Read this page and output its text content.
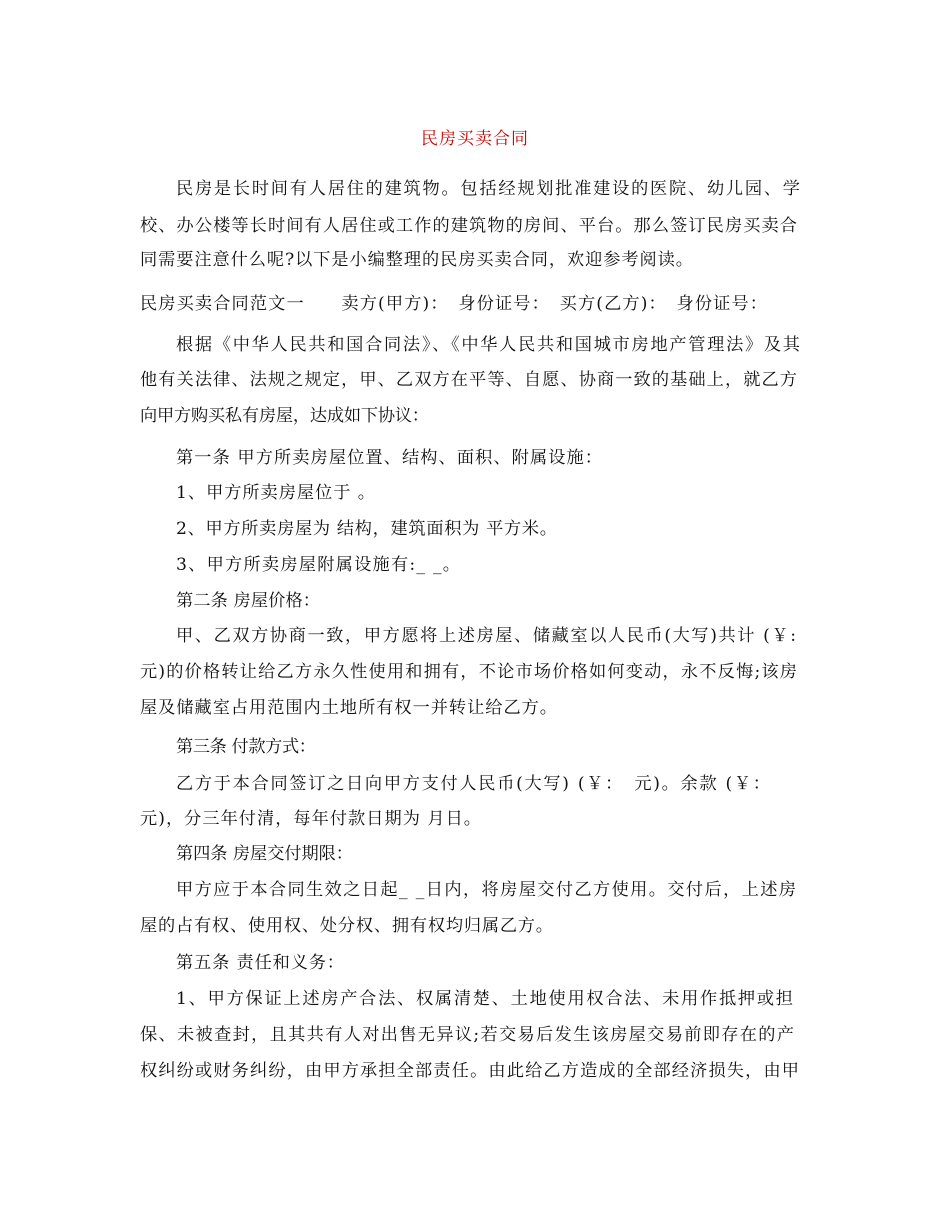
民房买卖合同
民房是长时间有人居住的建筑物。包括经规划批准建设的医院、幼儿园、学
校、办公楼等长时间有人居住或工作的建筑物的房间、平台。那么签订民房买卖合
同需要注意什么呢?以下是小编整理的民房买卖合同，欢迎参考阅读。
民房买卖合同范文一　　卖方(甲方)：　身份证号：　买方(乙方)：　身份证号：
根据《中华人民共和国合同法》、《中华人民共和国城市房地产管理法》及其
他有关法律、法规之规定，甲、乙双方在平等、自愿、协商一致的基础上，就乙方
向甲方购买私有房屋，达成如下协议：
第一条 甲方所卖房屋位置、结构、面积、附属设施：
1、甲方所卖房屋位于 。
2、甲方所卖房屋为 结构，建筑面积为 平方米。
3、甲方所卖房屋附属设施有:_ _。
第二条 房屋价格：
甲、乙双方协商一致，甲方愿将上述房屋、储藏室以人民币(大写)共计 (￥:
元)的价格转让给乙方永久性使用和拥有，不论市场价格如何变动，永不反悔;该房
屋及储藏室占用范围内土地所有权一并转让给乙方。
第三条 付款方式：
乙方于本合同签订之日向甲方支付人民币(大写) (￥：　元)。余款 (￥：
元)，分三年付清，每年付款日期为 月日。
第四条 房屋交付期限：
甲方应于本合同生效之日起_ _日内，将房屋交付乙方使用。交付后，上述房
屋的占有权、使用权、处分权、拥有权均归属乙方。
第五条 责任和义务：
1、甲方保证上述房产合法、权属清楚、土地使用权合法、未用作抵押或担
保、未被查封，且其共有人对出售无异议;若交易后发生该房屋交易前即存在的产
权纠纷或财务纠纷，由甲方承担全部责任。由此给乙方造成的全部经济损失，由甲
